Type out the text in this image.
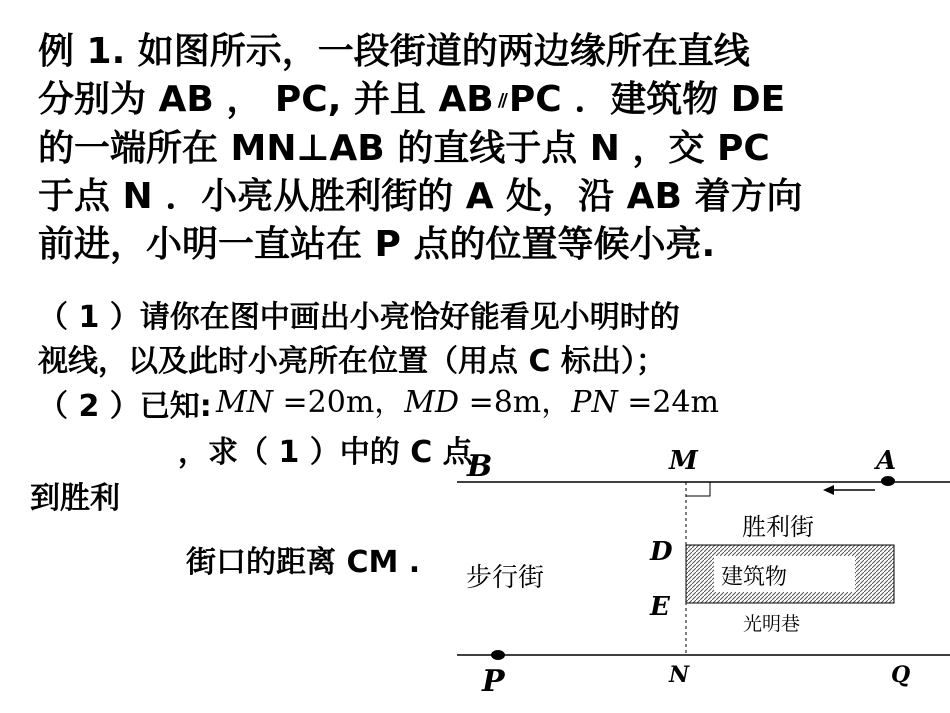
例 1. 如图所示，一段街道的两边缘所在直线
分别为 AB ， PC, 并且 AB // PC ．建筑物 DE
的一端所在 MN⊥AB 的直线于点 N ，交 PC
于点 N ．小亮从胜利街的 A 处，沿 AB 着方向
前进，小明一直站在 P 点的位置等候小亮.
（ 1 ）请你在图中画出小亮恰好能看见小明时的
视线，以及此时小亮所在位置（用点 C 标出）；
（ 2 ）已知: MN =20m，MD =8m，PN =24m
，求（ 1 ）中的 C 点
到胜利
街口的距离 CM .
B	M	A
D
E
N
P	Q
胜利街
步行街	建筑物
光明巷
